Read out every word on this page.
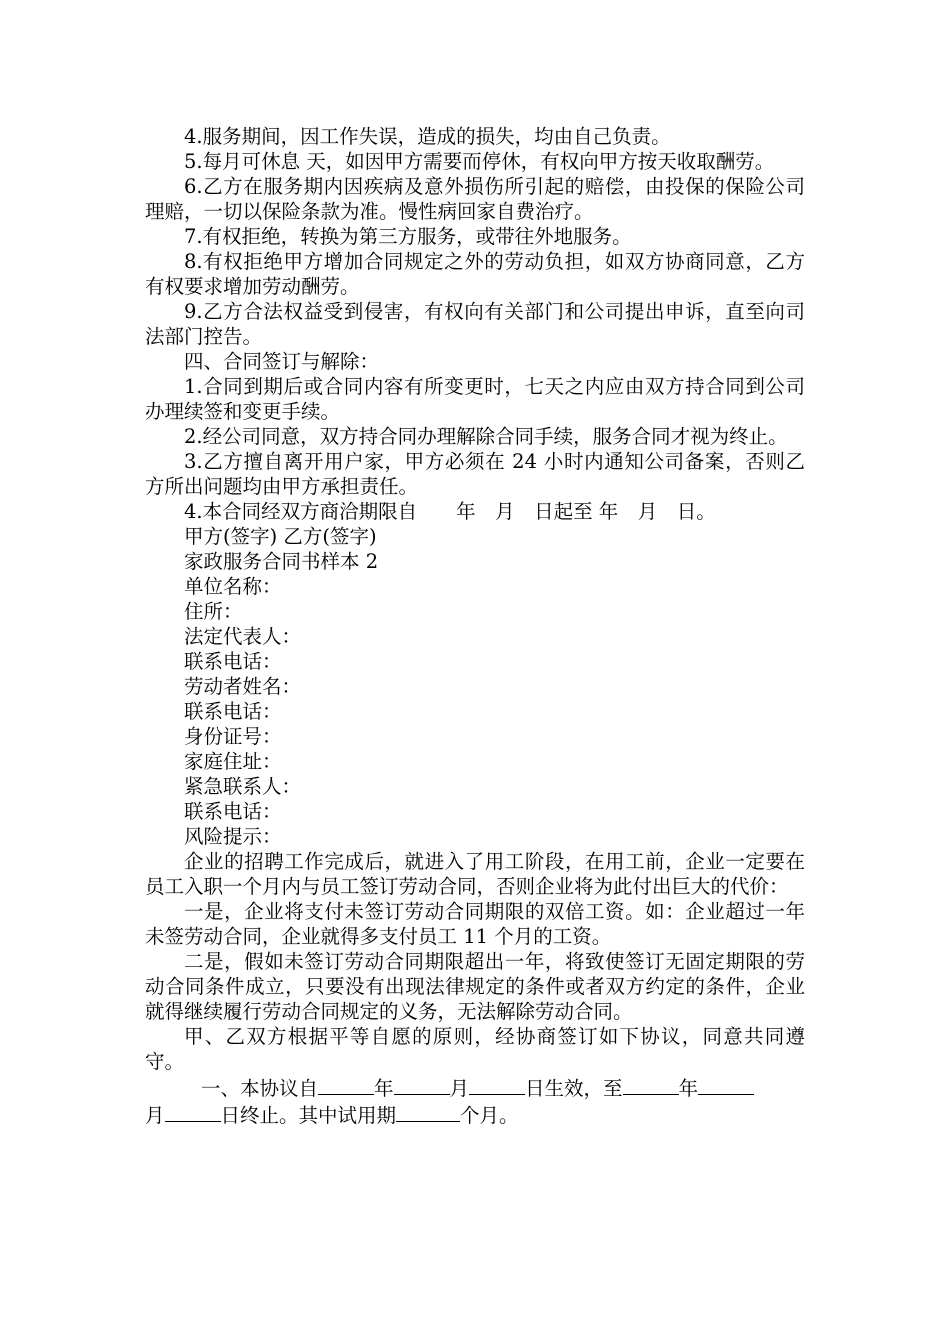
4.服务期间，因工作失误，造成的损失，均由自己负责。

5.每月可休息 天，如因甲方需要而停休，有权向甲方按天收取酬劳。

6.乙方在服务期内因疾病及意外损伤所引起的赔偿，由投保的保险公司理赔，一切以保险条款为准。慢性病回家自费治疗。

7.有权拒绝，转换为第三方服务，或带往外地服务。

8.有权拒绝甲方增加合同规定之外的劳动负担，如双方协商同意，乙方有权要求增加劳动酬劳。

9.乙方合法权益受到侵害，有权向有关部门和公司提出申诉，直至向司法部门控告。

四、合同签订与解除：

1.合同到期后或合同内容有所变更时，七天之内应由双方持合同到公司办理续签和变更手续。

2.经公司同意，双方持合同办理解除合同手续，服务合同才视为终止。

3.乙方擅自离开用户家，甲方必须在 24 小时内通知公司备案，否则乙方所出问题均由甲方承担责任。

4.本合同经双方商洽期限自　　年　月　日起至 年　月　日。

甲方(签字) 乙方(签字)

家政服务合同书样本 2

单位名称：

住所：

法定代表人：

联系电话：

劳动者姓名：

联系电话：

身份证号：

家庭住址：

紧急联系人：

联系电话：

风险提示：

企业的招聘工作完成后，就进入了用工阶段，在用工前，企业一定要在员工入职一个月内与员工签订劳动合同，否则企业将为此付出巨大的代价：

一是，企业将支付未签订劳动合同期限的双倍工资。如：企业超过一年未签劳动合同，企业就得多支付员工 11 个月的工资。

二是，假如未签订劳动合同期限超出一年，将致使签订无固定期限的劳动合同条件成立，只要没有出现法律规定的条件或者双方约定的条件，企业就得继续履行劳动合同规定的义务，无法解除劳动合同。

甲、乙双方根据平等自愿的原则，经协商签订如下协议，同意共同遵守。

一、本协议自	年	月	日生效，至	年

月	日终止。其中试用期	个月。
